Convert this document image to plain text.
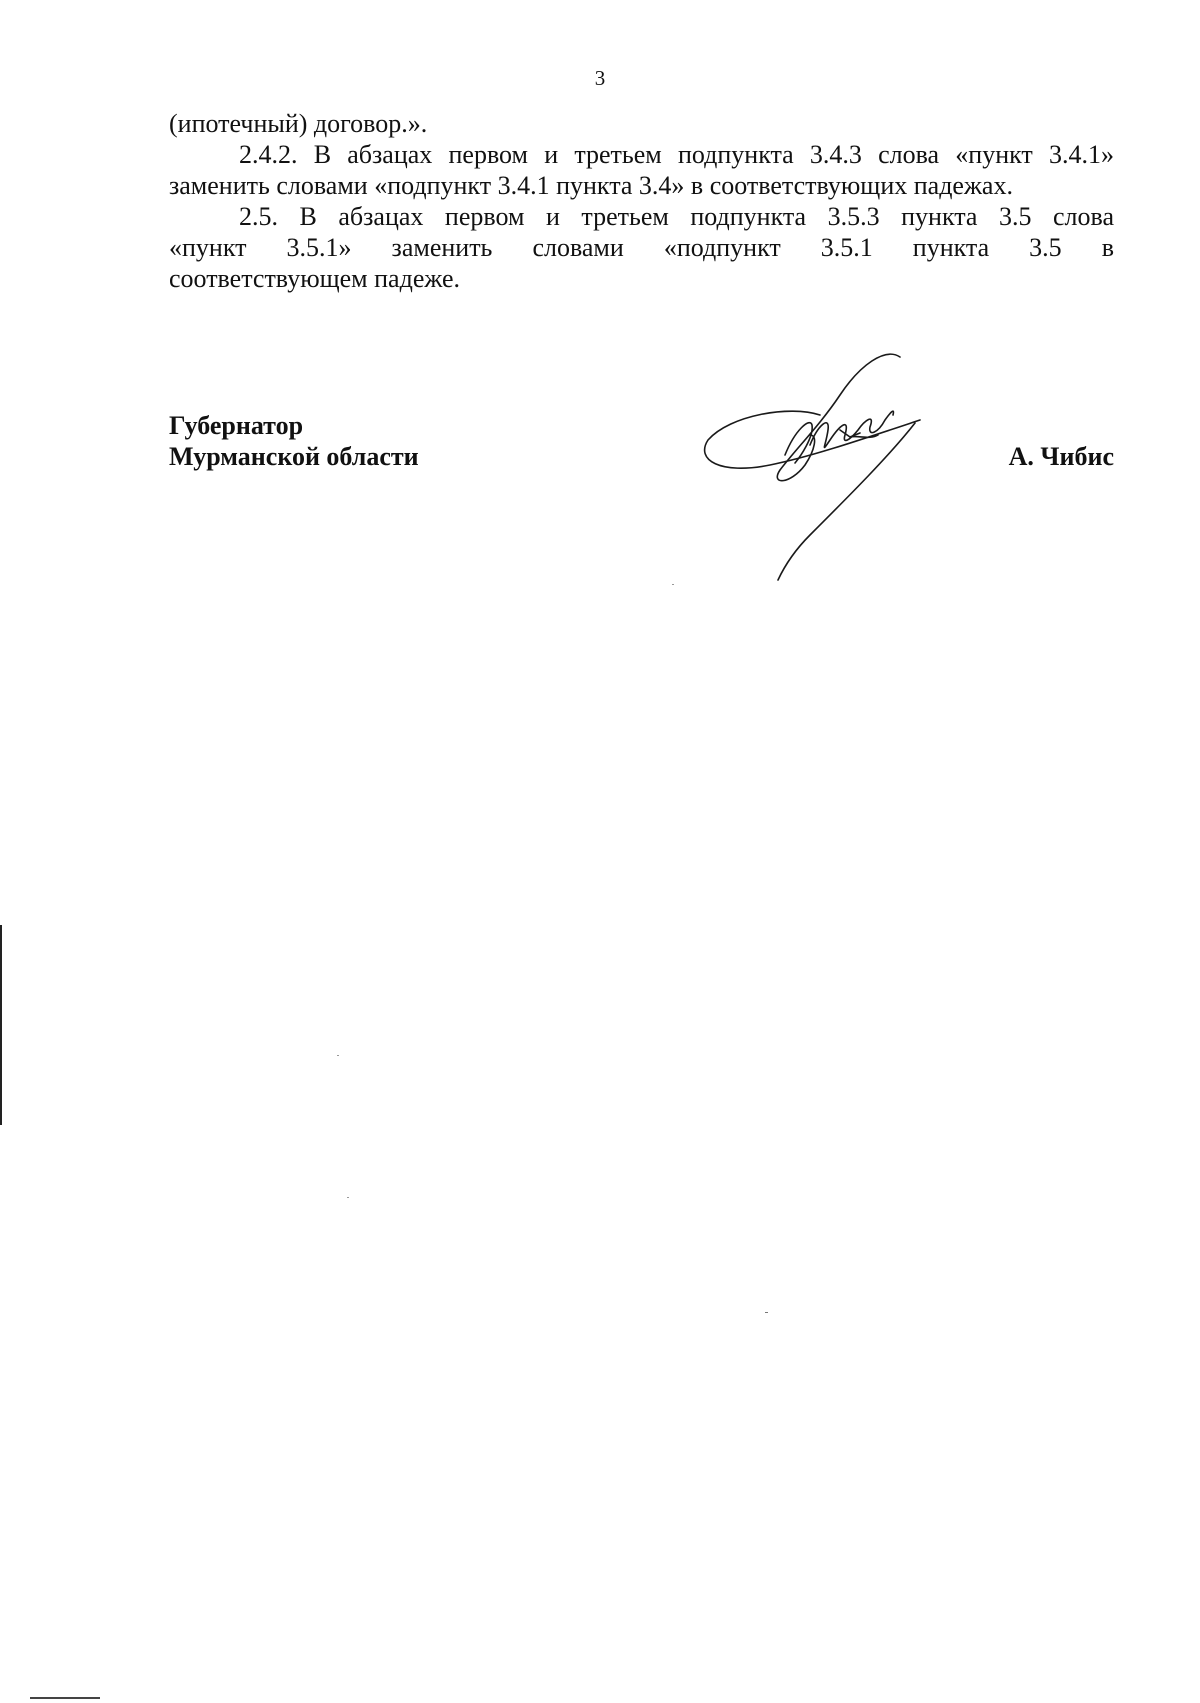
3

(ипотечный) договор.».

2.4.2. В абзацах первом и третьем подпункта 3.4.3 слова «пункт 3.4.1»
заменить словами «подпункт 3.4.1 пункта 3.4» в соответствующих падежах.

2.5. В абзацах первом и третьем подпункта 3.5.3 пункта 3.5 слова
«пункт 3.5.1» заменить словами «подпункт 3.5.1 пункта 3.5 в
соответствующем падеже.

Губернатор
Мурманской области	А. Чибис
